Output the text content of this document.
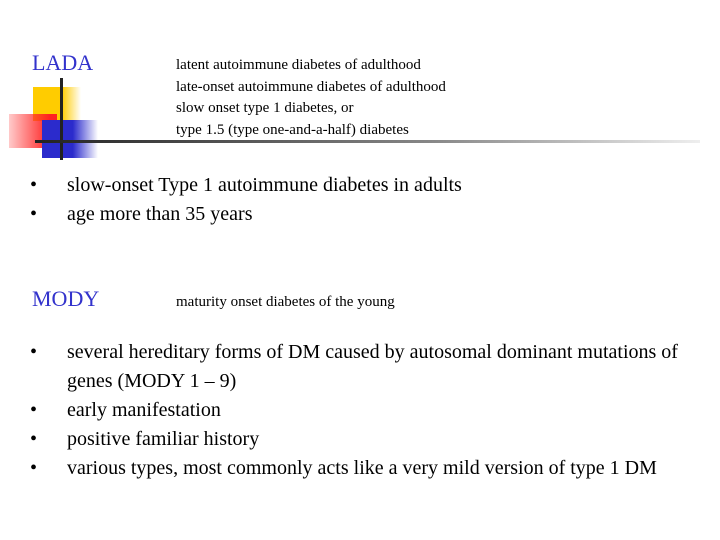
LADA	latent autoimmune diabetes of adulthood
late-onset autoimmune diabetes of adulthood
slow onset type 1 diabetes, or
type 1.5 (type one-and-a-half) diabetes
•	slow-onset Type 1 autoimmune diabetes in adults
•	age more than 35 years
MODY	maturity onset diabetes of the young
•	several hereditary forms of DM caused by autosomal dominant mutations of genes (MODY 1 – 9)
•	early manifestation
•	positive familiar history
•	various types, most commonly acts like a very mild version of type 1 DM
